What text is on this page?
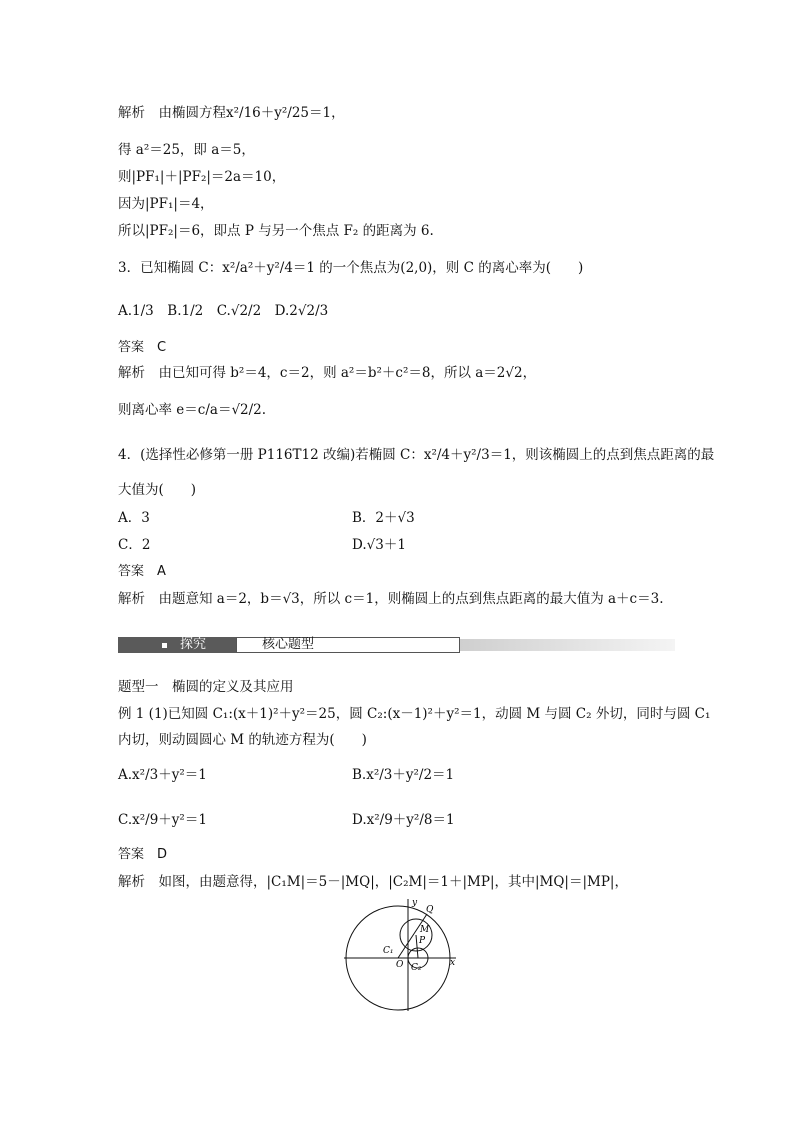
解析　由椭圆方程x²/16＋y²/25＝1，
得 a²＝25，即 a＝5，
则|PF₁|＋|PF₂|＝2a＝10，
因为|PF₁|＝4，
所以|PF₂|＝6，即点 P 与另一个焦点 F₂ 的距离为 6.
3．已知椭圆 C：x²/a²＋y²/4＝1 的一个焦点为(2,0)，则 C 的离心率为(　　)
A.1/3　B.1/2　C.√2/2　D.2√2/3
答案　C
解析　由已知可得 b²＝4，c＝2，则 a²＝b²＋c²＝8，所以 a＝2√2，
则离心率 e＝c/a＝√2/2.
4．(选择性必修第一册 P116T12 改编)若椭圆 C：x²/4＋y²/3＝1，则该椭圆上的点到焦点距离的最
大值为(　　)
A．3	B．2＋√3
C．2	D.√3＋1
答案　A
解析　由题意知 a＝2，b＝√3，所以 c＝1，则椭圆上的点到焦点距离的最大值为 a＋c＝3.
探究	核心题型
题型一　椭圆的定义及其应用
例 1 (1)已知圆 C₁:(x＋1)²＋y²＝25，圆 C₂:(x－1)²＋y²＝1，动圆 M 与圆 C₂ 外切，同时与圆 C₁
内切，则动圆圆心 M 的轨迹方程为(　　)
A.x²/3＋y²＝1	B.x²/3＋y²/2＝1
C.x²/9＋y²＝1	D.x²/9＋y²/8＝1
答案　D
解析　如图，由题意得，|C₁M|＝5－|MQ|，|C₂M|＝1＋|MP|，其中|MQ|＝|MP|，
Q
M
P
C₁
C₂
O	x
y
